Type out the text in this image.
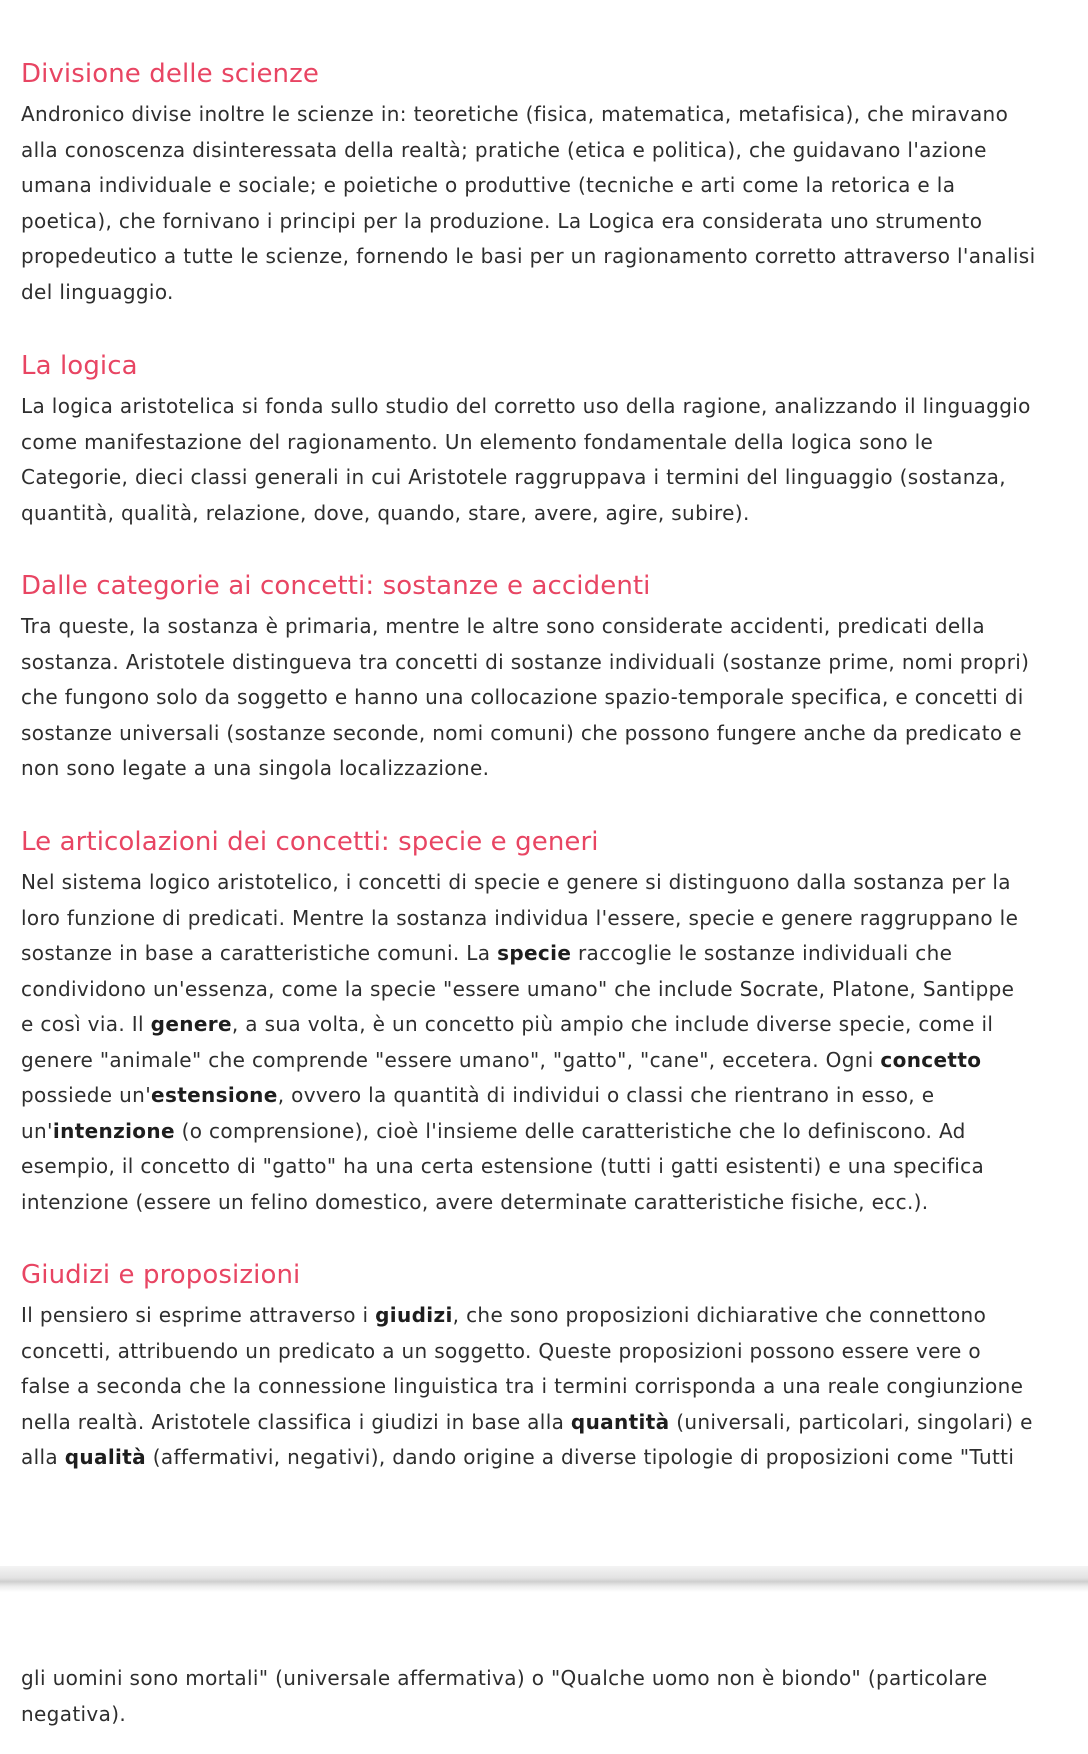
Divisione delle scienze

Andronico divise inoltre le scienze in: teoretiche (fisica, matematica, metafisica), che miravano
alla conoscenza disinteressata della realtà; pratiche (etica e politica), che guidavano l'azione
umana individuale e sociale; e poietiche o produttive (tecniche e arti come la retorica e la
poetica), che fornivano i principi per la produzione. La Logica era considerata uno strumento
propedeutico a tutte le scienze, fornendo le basi per un ragionamento corretto attraverso l'analisi
del linguaggio.

La logica

La logica aristotelica si fonda sullo studio del corretto uso della ragione, analizzando il linguaggio
come manifestazione del ragionamento. Un elemento fondamentale della logica sono le
Categorie, dieci classi generali in cui Aristotele raggruppava i termini del linguaggio (sostanza,
quantità, qualità, relazione, dove, quando, stare, avere, agire, subire).

Dalle categorie ai concetti: sostanze e accidenti

Tra queste, la sostanza è primaria, mentre le altre sono considerate accidenti, predicati della
sostanza. Aristotele distingueva tra concetti di sostanze individuali (sostanze prime, nomi propri)
che fungono solo da soggetto e hanno una collocazione spazio-temporale specifica, e concetti di
sostanze universali (sostanze seconde, nomi comuni) che possono fungere anche da predicato e
non sono legate a una singola localizzazione.

Le articolazioni dei concetti: specie e generi

Nel sistema logico aristotelico, i concetti di specie e genere si distinguono dalla sostanza per la
loro funzione di predicati. Mentre la sostanza individua l'essere, specie e genere raggruppano le
sostanze in base a caratteristiche comuni. La specie raccoglie le sostanze individuali che
condividono un'essenza, come la specie "essere umano" che include Socrate, Platone, Santippe
e così via. Il genere, a sua volta, è un concetto più ampio che include diverse specie, come il
genere "animale" che comprende "essere umano", "gatto", "cane", eccetera. Ogni concetto
possiede un'estensione, ovvero la quantità di individui o classi che rientrano in esso, e
un'intenzione (o comprensione), cioè l'insieme delle caratteristiche che lo definiscono. Ad
esempio, il concetto di "gatto" ha una certa estensione (tutti i gatti esistenti) e una specifica
intenzione (essere un felino domestico, avere determinate caratteristiche fisiche, ecc.).

Giudizi e proposizioni

Il pensiero si esprime attraverso i giudizi, che sono proposizioni dichiarative che connettono
concetti, attribuendo un predicato a un soggetto. Queste proposizioni possono essere vere o
false a seconda che la connessione linguistica tra i termini corrisponda a una reale congiunzione
nella realtà. Aristotele classifica i giudizi in base alla quantità (universali, particolari, singolari) e
alla qualità (affermativi, negativi), dando origine a diverse tipologie di proposizioni come "Tutti

gli uomini sono mortali" (universale affermativa) o "Qualche uomo non è biondo" (particolare
negativa).
